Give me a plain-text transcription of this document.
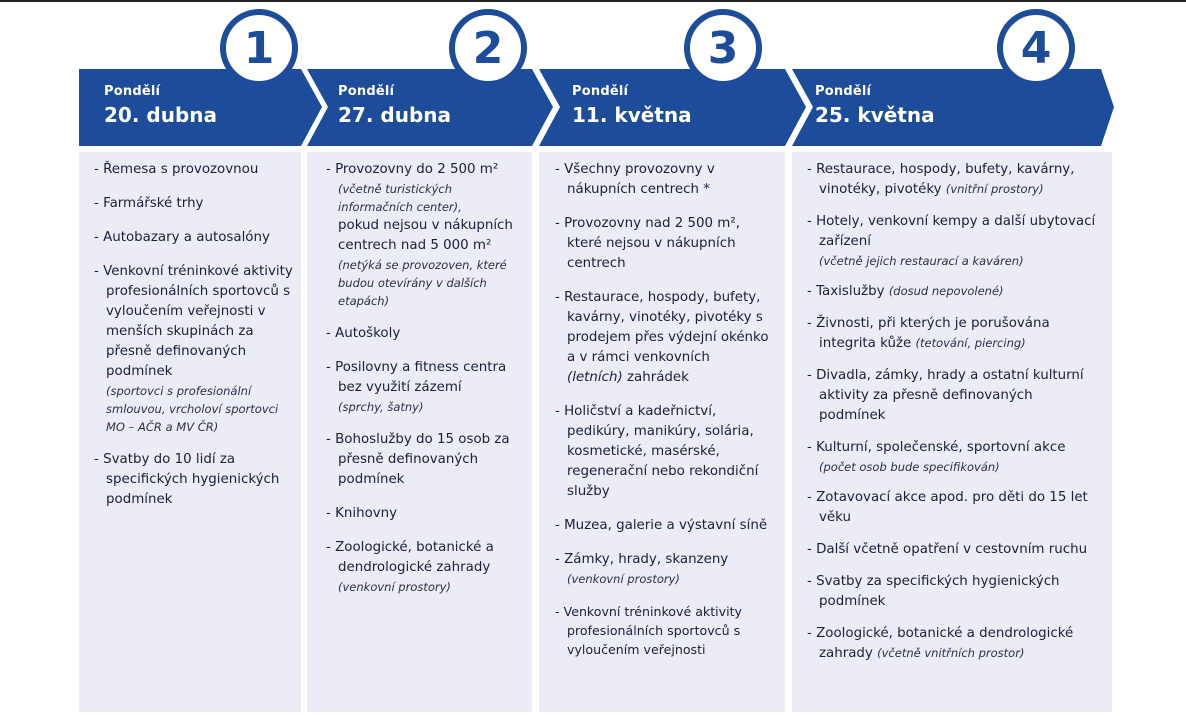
1	2	3	4
Pondělí
20. dubna
Pondělí
27. dubna
Pondělí
11. května
Pondělí
25. května
- Řemesa s provozovnou
- Farmářské trhy
- Autobazary a autosalóny
- Venkovní tréninkové aktivity profesionálních sportovců s vyloučením veřejnosti v menších skupinách za přesně definovaných podmínek
(sportovci s profesionální smlouvou, vrcholoví sportovci MO – AČR a MV ČR)
- Svatby do 10 lidí za specifických hygienických podmínek
- Provozovny do 2 500 m²
(včetně turistických informačních center),
pokud nejsou v nákupních centrech nad 5 000 m²
(netýká se provozoven, které budou otevírány v dalších etapách)
- Autoškoly
- Posilovny a fitness centra bez využití zázemí
(sprchy, šatny)
- Bohoslužby do 15 osob za přesně definovaných podmínek
- Knihovny
- Zoologické, botanické a dendrologické zahrady
(venkovní prostory)
- Všechny provozovny v nákupních centrech *
- Provozovny nad 2 500 m², které nejsou v nákupních centrech
- Restaurace, hospody, bufety, kavárny, vinotéky, pivotéky s prodejem přes výdejní okénko a v rámci venkovních
(letních) zahrádek
- Holičství a kadeřnictví, pedikúry, manikúry, solária, kosmetické, masérské, regenerační nebo rekondiční služby
- Muzea, galerie a výstavní síně
- Zámky, hrady, skanzeny
(venkovní prostory)
- Venkovní tréninkové aktivity profesionálních sportovců s vyloučením veřejnosti
- Restaurace, hospody, bufety, kavárny, vinotéky, pivotéky (vnitřní prostory)
- Hotely, venkovní kempy a další ubytovací zařízení
(včetně jejich restaurací a kaváren)
- Taxislužby (dosud nepovolené)
- Živnosti, při kterých je porušována integrita kůže (tetování, piercing)
- Divadla, zámky, hrady a ostatní kulturní aktivity za přesně definovaných podmínek
- Kulturní, společenské, sportovní akce
(počet osob bude specifikován)
- Zotavovací akce apod. pro děti do 15 let věku
- Další včetně opatření v cestovním ruchu
- Svatby za specifických hygienických podmínek
- Zoologické, botanické a dendrologické zahrady (včetně vnitřních prostor)
